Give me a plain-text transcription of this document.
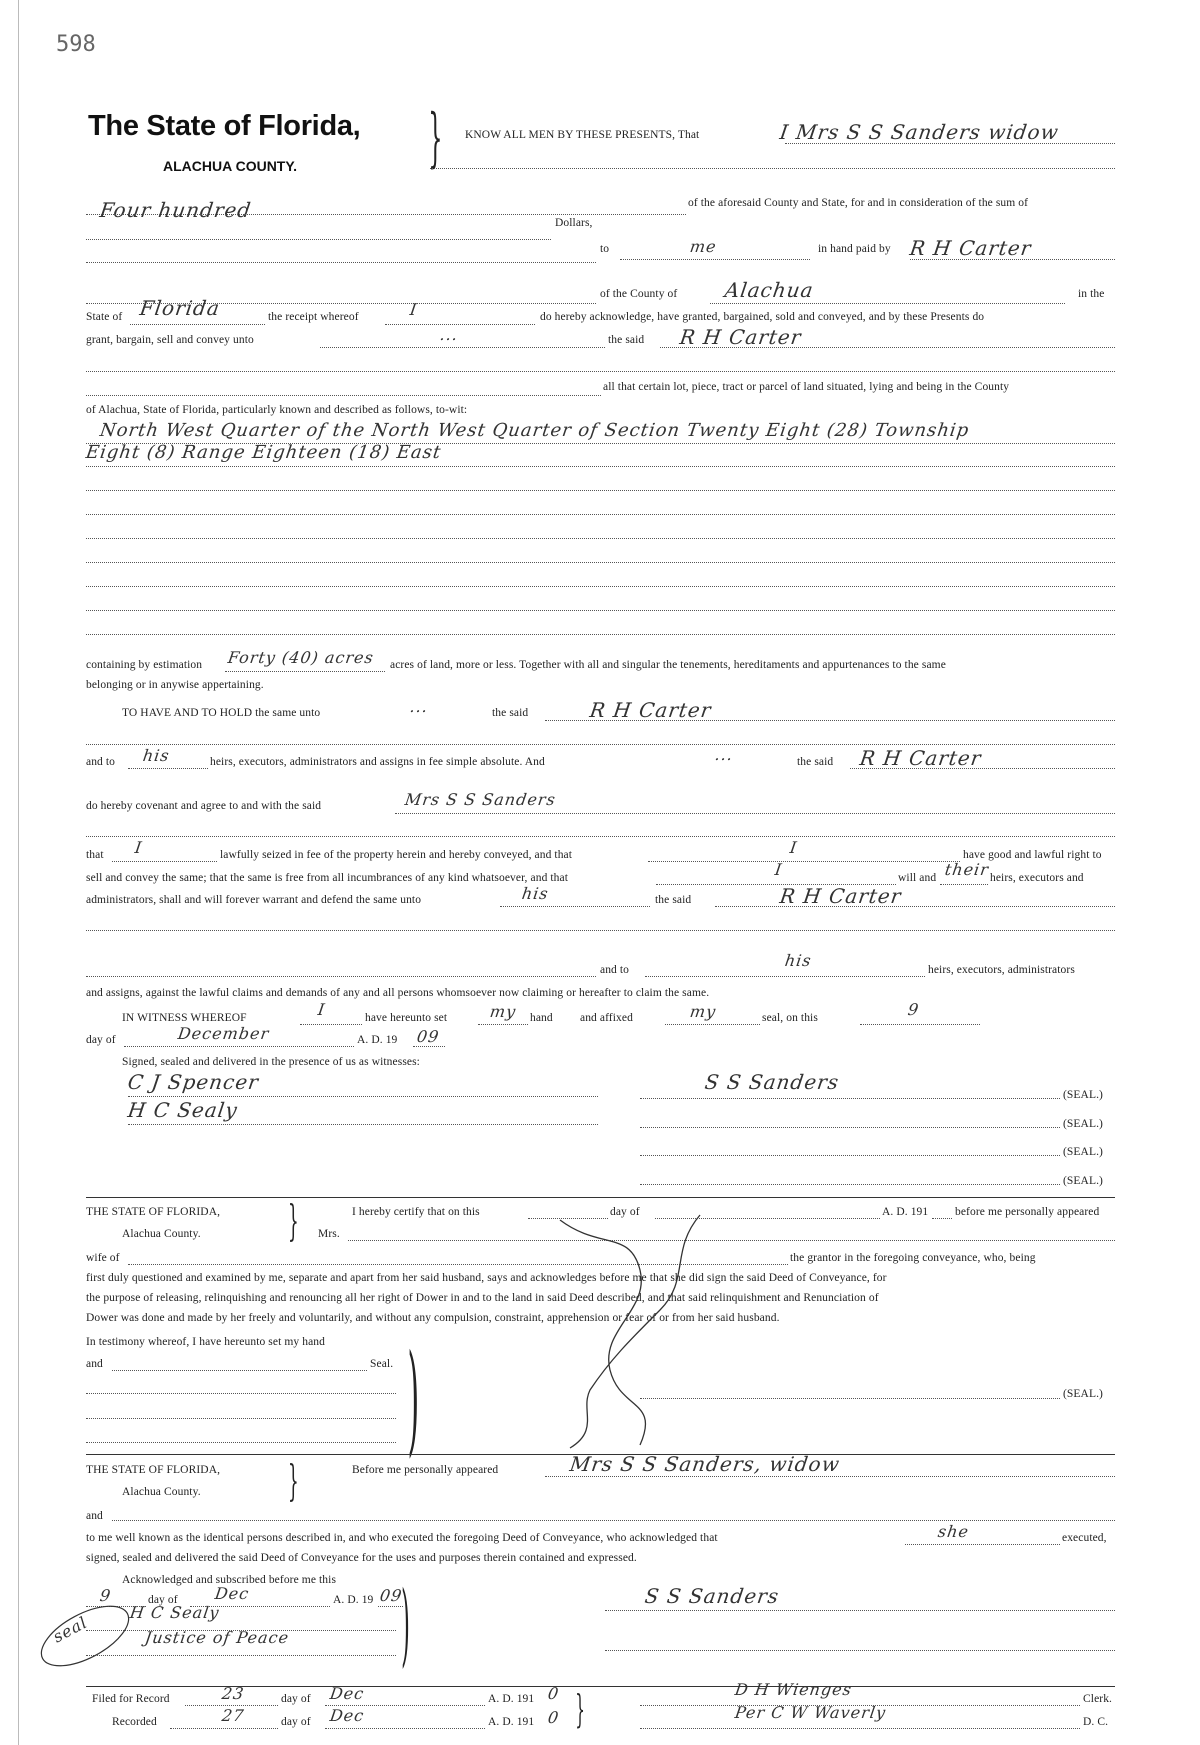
598
The State of Florida,
ALACHUA COUNTY. } KNOW ALL MEN BY THESE PRESENTS, That	I Mrs S S Sanders widow
Four hundred	of the aforesaid County and State, for and in consideration of the sum of
Dollars,
to	me	in hand paid by R H Carter
of the County of Alachua	in the
State of Florida	the receipt whereof	I	do hereby acknowledge, have granted, bargained, sold and conveyed, and by these Presents do
grant, bargain, sell and convey unto	...	the said R H Carter
all that certain lot, piece, tract or parcel of land situated, lying and being in the County
of Alachua, State of Florida, particularly known and described as follows, to-wit:
North West Quarter of the North West Quarter of Section Twenty Eight (28) Township
Eight (8) Range Eighteen (18) East
containing by estimation Forty (40) acres acres of land, more or less. Together with all and singular the tenements, hereditaments and appurtenances to the same
belonging or in anywise appertaining.
TO HAVE AND TO HOLD the same unto	...	the said	R H Carter
and to his	heirs, executors, administrators and assigns in fee simple absolute. And	...	the said R H Carter
do hereby covenant and agree to and with the said	Mrs S S Sanders
that I	lawfully seized in fee of the property herein and hereby conveyed, and that	I	have good and lawful right to
sell and convey the same; that the same is free from all incumbrances of any kind whatsoever, and that	I	will and their heirs, executors and
administrators, shall and will forever warrant and defend the same unto	his	the said	R H Carter
and to	his	heirs, executors, administrators
and assigns, against the lawful claims and demands of any and all persons whomsoever now claiming or hereafter to claim the same.
IN WITNESS WHEREOF	I	have hereunto set	my hand and affixed	my	seal, on this	9
day of	December	A. D. 19 09
Signed, sealed and delivered in the presence of us as witnesses:
C J Spencer
H C Sealy
S S Sanders
(SEAL.)
(SEAL.)
(SEAL.)
(SEAL.)
THE STATE OF FLORIDA,
Alachua County. }	I hereby certify that on this	day of	A. D. 191 before me personally appeared
Mrs.
wife of	the grantor in the foregoing conveyance, who, being
first duly questioned and examined by me, separate and apart from her said husband, says and acknowledges before me that she did sign the said Deed of Conveyance, for
the purpose of releasing, relinquishing and renouncing all her right of Dower in and to the land in said Deed described, and that said relinquishment and Renunciation of
Dower was done and made by her freely and voluntarily, and without any compulsion, constraint, apprehension or fear of or from her said husband.
In testimony whereof, I have hereunto set my hand
and	Seal. )	(SEAL.)
THE STATE OF FLORIDA,
Alachua County. }	Before me personally appeared	Mrs S S Sanders, widow
and
to me well known as the identical persons described in, and who executed the foregoing Deed of Conveyance, who acknowledged that	she	executed,
signed, sealed and delivered the said Deed of Conveyance for the uses and purposes therein contained and expressed.
Acknowledged and subscribed before me this
9	day of Dec	A. D. 19 09
H C Sealy
Justice of Peace )	S S Sanders
seal
Filed for Record	23	day of Dec	A. D. 191 0 }
Recorded	27	day of Dec	A. D. 191 0
D H Wienges	Clerk.
Per C W Waverly	D. C.
